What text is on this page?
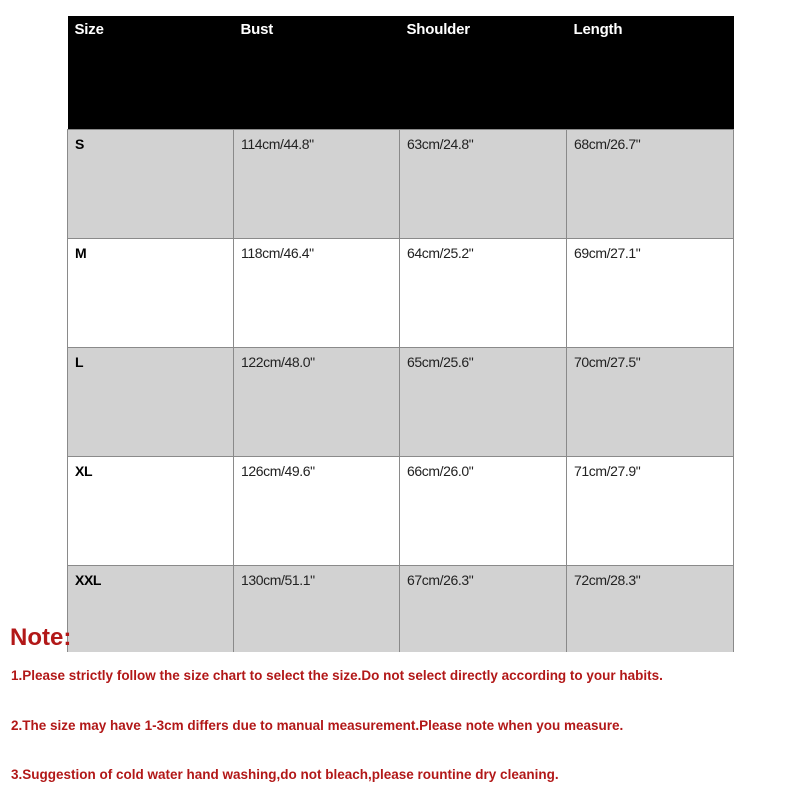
Size	Bust	Shoulder	Length
S	114cm/44.8"	63cm/24.8"	68cm/26.7"
M	118cm/46.4"	64cm/25.2"	69cm/27.1"
L	122cm/48.0"	65cm/25.6"	70cm/27.5"
XL	126cm/49.6"	66cm/26.0"	71cm/27.9"
XXL	130cm/51.1"	67cm/26.3"	72cm/28.3"
Note:

1.Please strictly follow the size chart to select the size.Do not select directly according to your habits.

2.The size may have 1-3cm differs due to manual measurement.Please note when you measure.

3.Suggestion of cold water hand washing,do not bleach,please rountine dry cleaning.
